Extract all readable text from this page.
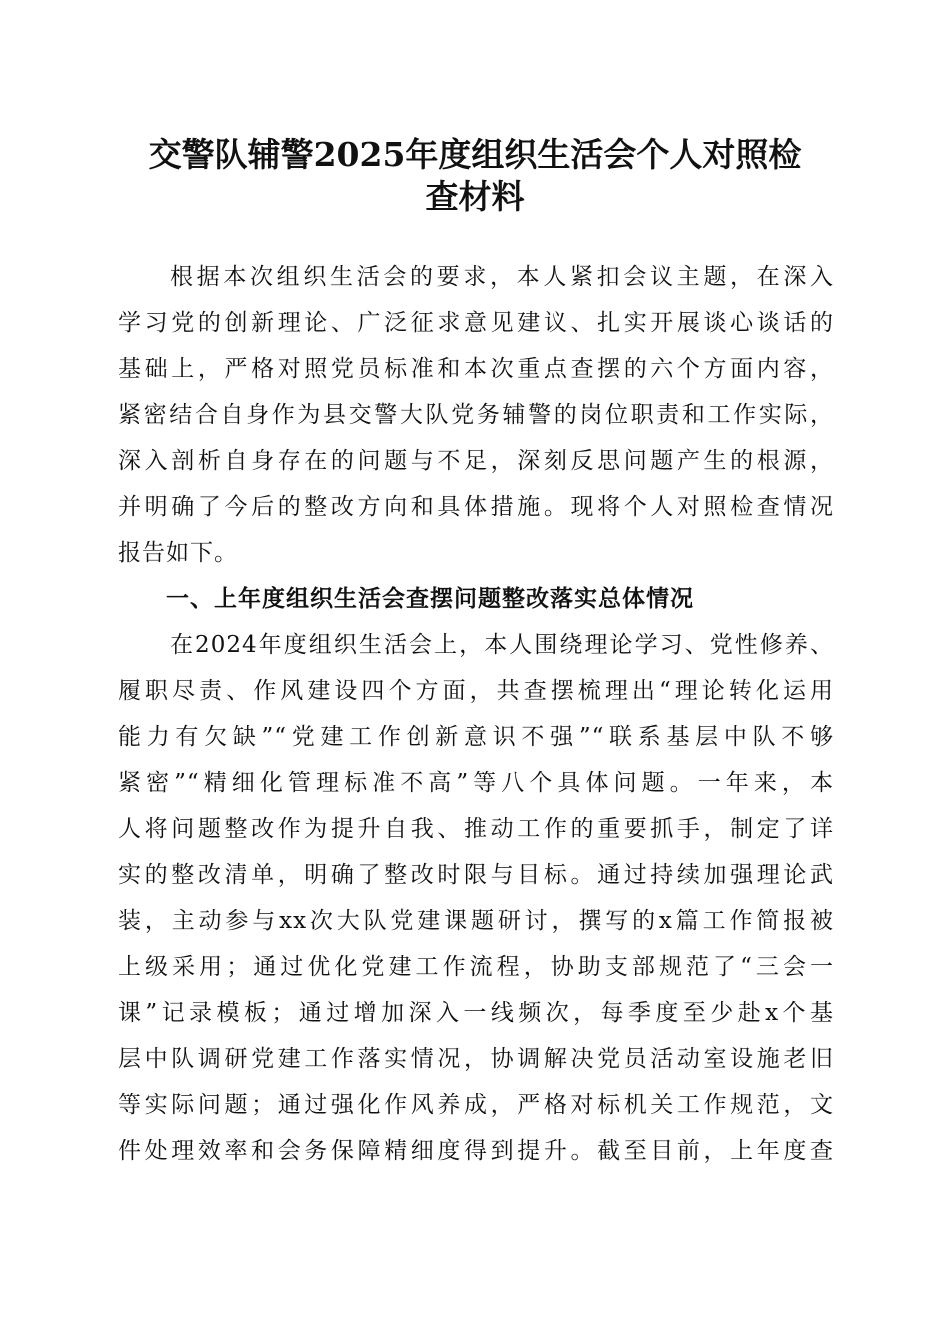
交警队辅警2025年度组织生活会个人对照检
查材料
根据本次组织生活会的要求，本人紧扣会议主题，在深入
学习党的创新理论、广泛征求意见建议、扎实开展谈心谈话的
基础上，严格对照党员标准和本次重点查摆的六个方面内容，
紧密结合自身作为县交警大队党务辅警的岗位职责和工作实际，
深入剖析自身存在的问题与不足，深刻反思问题产生的根源，
并明确了今后的整改方向和具体措施。现将个人对照检查情况
报告如下。
一、上年度组织生活会查摆问题整改落实总体情况
在2024年度组织生活会上，本人围绕理论学习、党性修养、
履职尽责、作风建设四个方面，共查摆梳理出“理论转化运用
能力有欠缺”“党建工作创新意识不强”“联系基层中队不够
紧密”“精细化管理标准不高”等八个具体问题。一年来，本
人将问题整改作为提升自我、推动工作的重要抓手，制定了详
实的整改清单，明确了整改时限与目标。通过持续加强理论武
装，主动参与xx次大队党建课题研讨，撰写的x篇工作简报被
上级采用；通过优化党建工作流程，协助支部规范了“三会一
课”记录模板；通过增加深入一线频次，每季度至少赴x个基
层中队调研党建工作落实情况，协调解决党员活动室设施老旧
等实际问题；通过强化作风养成，严格对标机关工作规范，文
件处理效率和会务保障精细度得到提升。截至目前，上年度查
